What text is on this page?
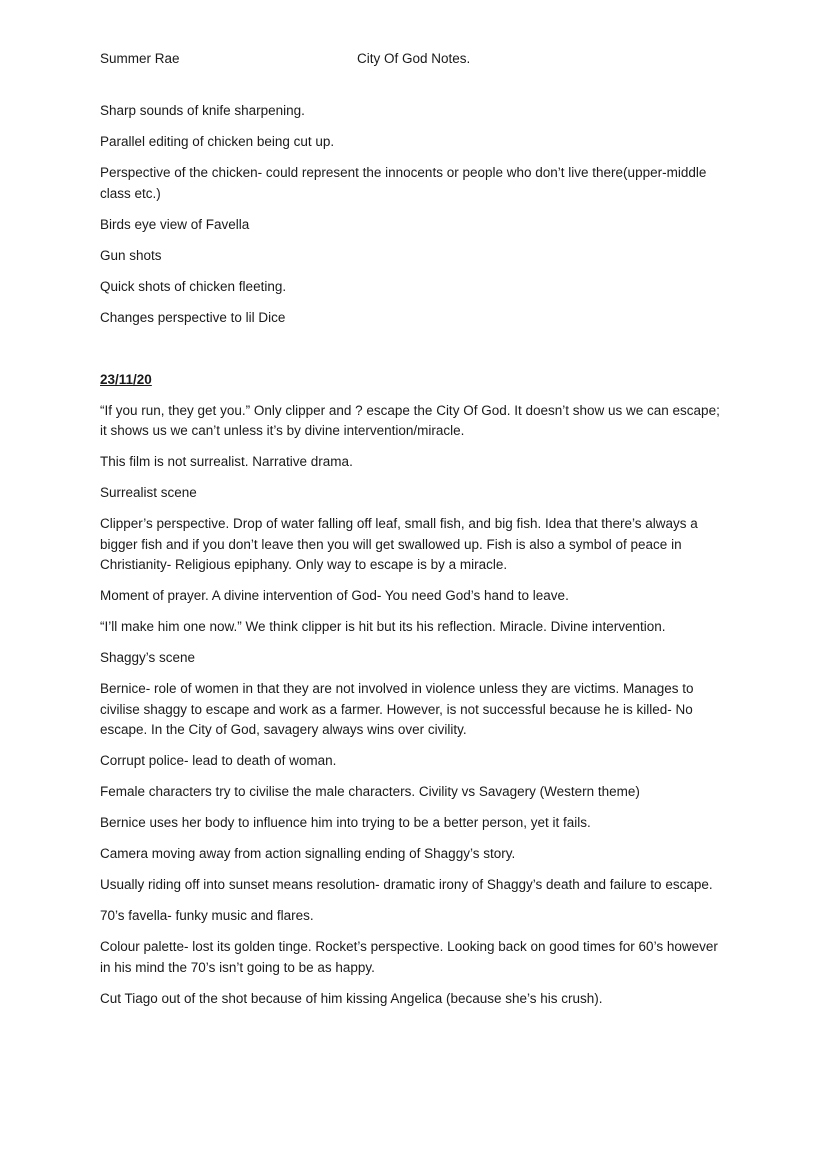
Summer Rae	City Of God Notes.

Sharp sounds of knife sharpening.

Parallel editing of chicken being cut up.

Perspective of the chicken- could represent the innocents or people who don’t live there(upper-middle class etc.)

Birds eye view of Favella

Gun shots

Quick shots of chicken fleeting.

Changes perspective to lil Dice

23/11/20

“If you run, they get you.” Only clipper and ? escape the City Of God. It doesn’t show us we can escape; it shows us we can’t unless it’s by divine intervention/miracle.

This film is not surrealist. Narrative drama.

Surrealist scene

Clipper’s perspective. Drop of water falling off leaf, small fish, and big fish. Idea that there’s always a bigger fish and if you don’t leave then you will get swallowed up. Fish is also a symbol of peace in Christianity- Religious epiphany. Only way to escape is by a miracle.

Moment of prayer. A divine intervention of God- You need God’s hand to leave.

“I’ll make him one now.” We think clipper is hit but its his reflection. Miracle. Divine intervention.

Shaggy’s scene

Bernice- role of women in that they are not involved in violence unless they are victims. Manages to civilise shaggy to escape and work as a farmer. However, is not successful because he is killed- No escape. In the City of God, savagery always wins over civility.

Corrupt police- lead to death of woman.

Female characters try to civilise the male characters. Civility vs Savagery (Western theme)

Bernice uses her body to influence him into trying to be a better person, yet it fails.

Camera moving away from action signalling ending of Shaggy’s story.

Usually riding off into sunset means resolution- dramatic irony of Shaggy’s death and failure to escape.

70’s favella- funky music and flares.

Colour palette- lost its golden tinge. Rocket’s perspective. Looking back on good times for 60’s however in his mind the 70’s isn’t going to be as happy.

Cut Tiago out of the shot because of him kissing Angelica (because she’s his crush).
